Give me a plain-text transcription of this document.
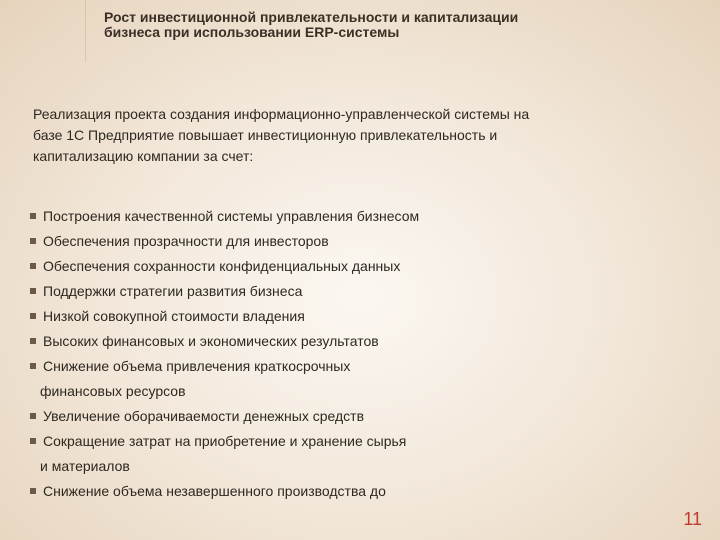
Рост инвестиционной привлекательности и капитализации бизнеса при использовании ERP-системы

Реализация проекта создания информационно-управленческой системы на базе 1С Предприятие повышает инвестиционную привлекательность и капитализацию компании за счет:

Построения качественной системы управления бизнесом
Обеспечения прозрачности для инвесторов
Обеспечения сохранности конфиденциальных данных
Поддержки стратегии развития бизнеса
Низкой совокупной стоимости владения
Высоких финансовых и экономических результатов
Снижение объема привлечения краткосрочных
финансовых ресурсов
Увеличение оборачиваемости денежных средств
Сокращение затрат на приобретение и хранение сырья
и материалов
Снижение объема незавершенного производства до
11
